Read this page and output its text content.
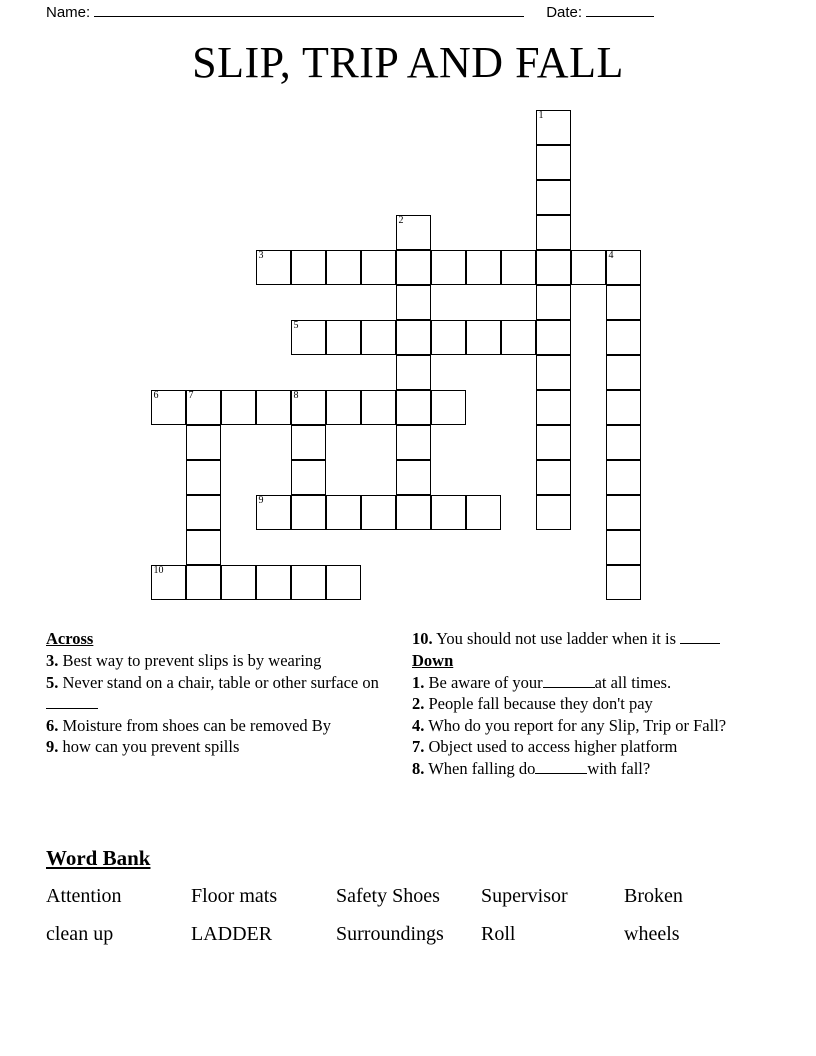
Name:	Date:
SLIP, TRIP AND FALL
1
2
3	4
5
6	7	8
9
10
Across
3. Best way to prevent slips is by wearing
5. Never stand on a chair, table or other surface on
6. Moisture from shoes can be removed By
9. how can you prevent spills
10. You should not use ladder when it is
Down
1. Be aware of your	at all times.
2. People fall because they don't pay
4. Who do you report for any Slip, Trip or Fall?
7. Object used to access higher platform
8. When falling do	with fall?
Word Bank
Attention	Floor mats	Safety Shoes	Supervisor	Broken
clean up	LADDER	Surroundings	Roll	wheels
